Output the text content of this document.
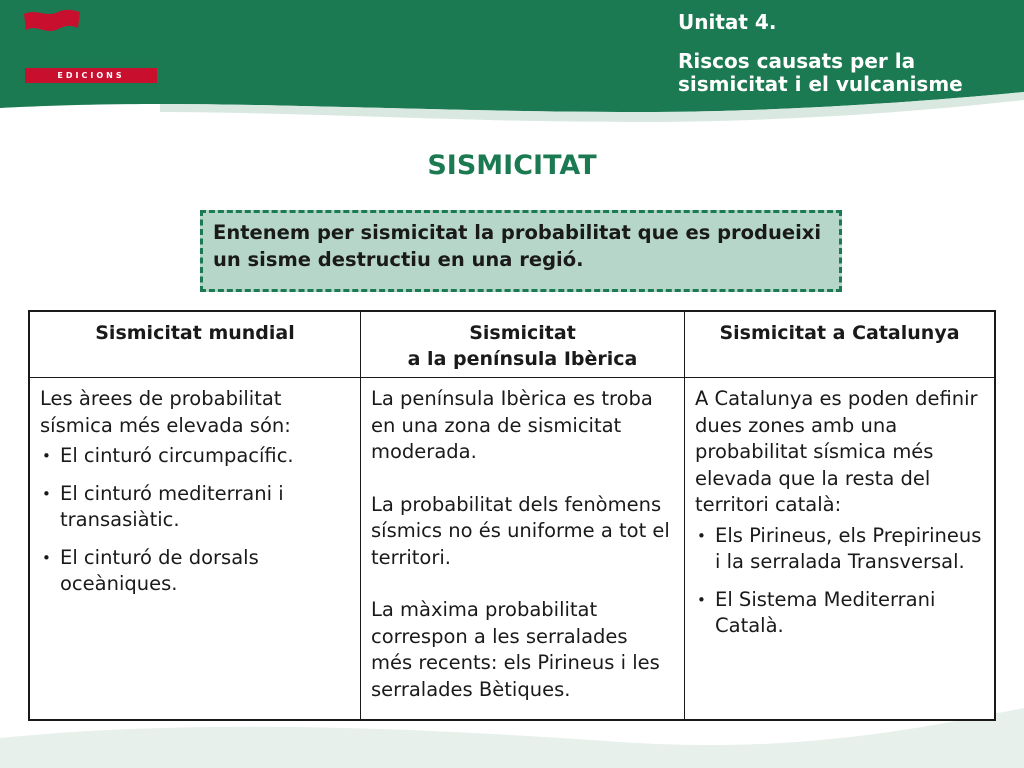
Castellnou
EDICIONS
Unitat 4.
Riscos causats per la sismicitat i el vulcanisme
SISMICITAT
Entenem per sismicitat la probabilitat que es produeixi un sisme destructiu en una regió.
Sismicitat mundial

Les àrees de probabilitat sísmica més elevada són:

• El cinturó circumpacífic.
• El cinturó mediterrani i transasiàtic.
• El cinturó de dorsals oceàniques.
Sismicitat
a la península Ibèrica

La península Ibèrica es troba en una zona de sismicitat moderada.

La probabilitat dels fenòmens sísmics no és uniforme a tot el territori.

La màxima probabilitat correspon a les serralades més recents: els Pirineus i les serralades Bètiques.

Sismicitat a Catalunya

A Catalunya es poden definir dues zones amb una probabilitat sísmica més elevada que la resta del territori català:

• Els Pirineus, els Prepirineus i la serralada Transversal.
• El Sistema Mediterrani Català.
